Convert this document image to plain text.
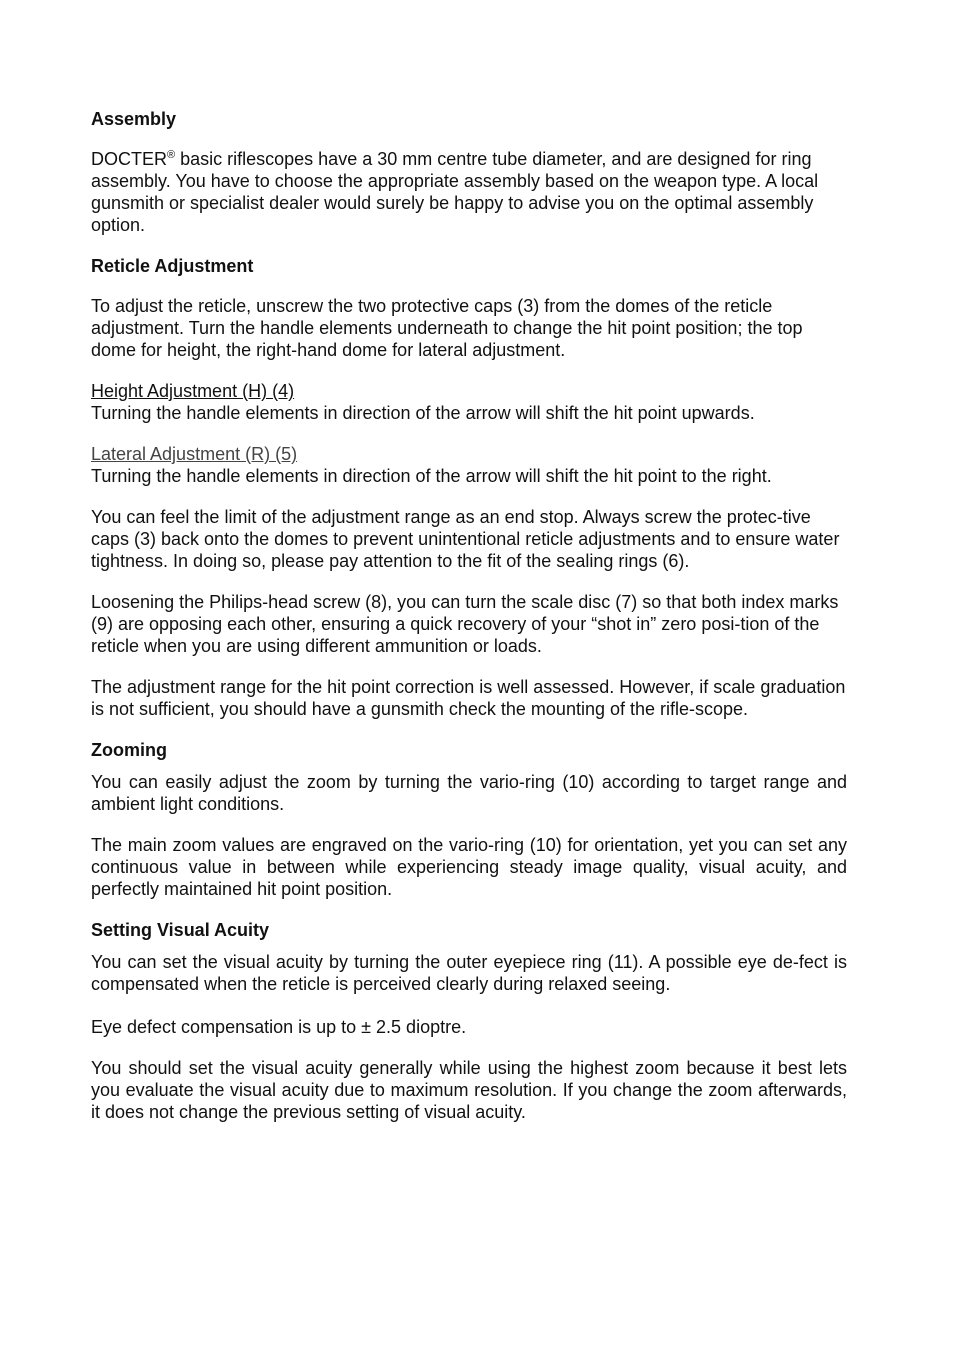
Assembly

DOCTER® basic riflescopes have a 30 mm centre tube diameter, and are designed for ring assembly. You have to choose the appropriate assembly based on the weapon type. A local gunsmith or specialist dealer would surely be happy to advise you on the optimal assembly option.

Reticle Adjustment

To adjust the reticle, unscrew the two protective caps (3) from the domes of the reticle adjustment. Turn the handle elements underneath to change the hit point position; the top dome for height, the right-hand dome for lateral adjustment.

Height Adjustment (H) (4)

Turning the handle elements in direction of the arrow will shift the hit point upwards.

Lateral Adjustment (R) (5)

Turning the handle elements in direction of the arrow will shift the hit point to the right.

You can feel the limit of the adjustment range as an end stop. Always screw the protec-tive caps (3) back onto the domes to prevent unintentional reticle adjustments and to ensure water tightness. In doing so, please pay attention to the fit of the sealing rings (6).

Loosening the Philips-head screw (8), you can turn the scale disc (7) so that both index marks (9) are opposing each other, ensuring a quick recovery of your “shot in” zero posi-tion of the reticle when you are using different ammunition or loads.

The adjustment range for the hit point correction is well assessed. However, if scale graduation is not sufficient, you should have a gunsmith check the mounting of the rifle-scope.

Zooming

You can easily adjust the zoom by turning the vario-ring (10) according to target range and ambient light conditions.

The main zoom values are engraved on the vario-ring (10) for orientation, yet you can set any continuous value in between while experiencing steady image quality, visual acuity, and perfectly maintained hit point position.

Setting Visual Acuity

You can set the visual acuity by turning the outer eyepiece ring (11). A possible eye de-fect is compensated when the reticle is perceived clearly during relaxed seeing.

Eye defect compensation is up to ± 2.5 dioptre.

You should set the visual acuity generally while using the highest zoom because it best lets you evaluate the visual acuity due to maximum resolution. If you change the zoom afterwards, it does not change the previous setting of visual acuity.
